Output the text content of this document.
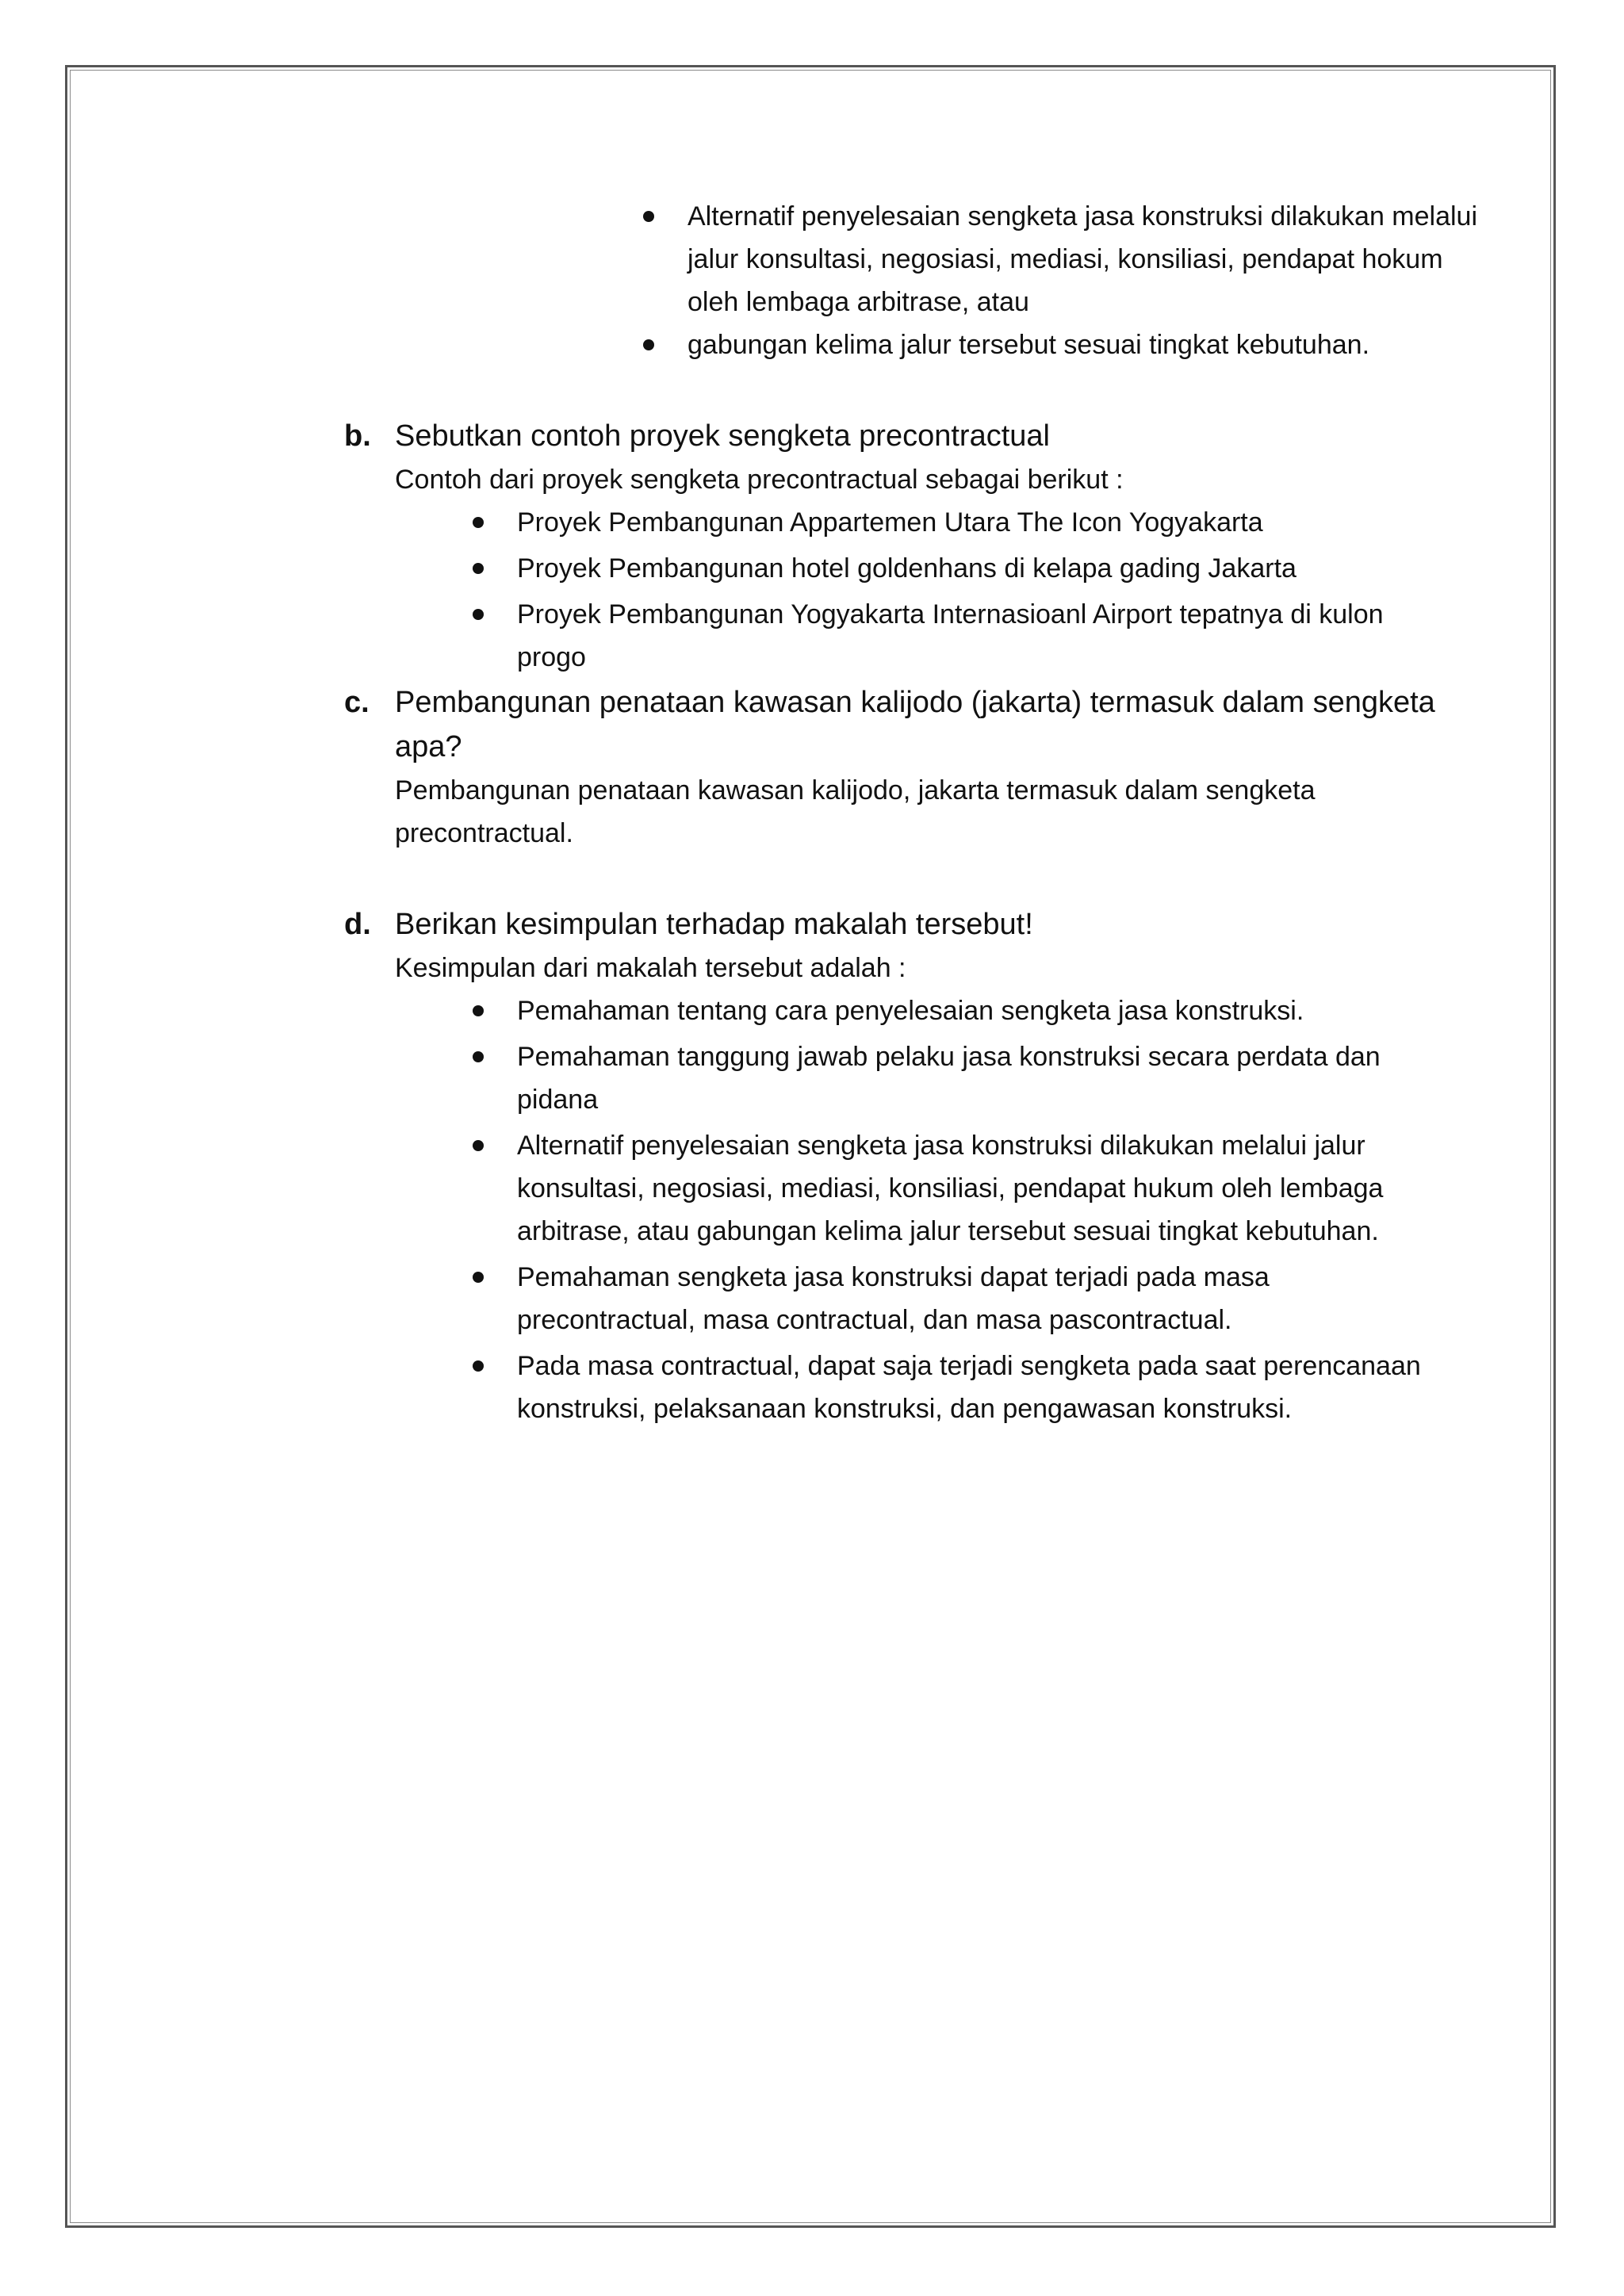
Alternatif penyelesaian sengketa jasa konstruksi dilakukan melalui jalur konsultasi, negosiasi, mediasi, konsiliasi, pendapat hokum oleh lembaga arbitrase, atau
gabungan kelima jalur tersebut sesuai tingkat kebutuhan.
b. Sebutkan contoh proyek sengketa precontractual
Contoh dari proyek sengketa precontractual sebagai berikut :
Proyek Pembangunan Appartemen Utara The Icon Yogyakarta
Proyek Pembangunan hotel goldenhans di kelapa gading Jakarta
Proyek Pembangunan Yogyakarta Internasioanl Airport tepatnya di kulon progo
c. Pembangunan penataan kawasan kalijodo (jakarta) termasuk dalam sengketa apa?
Pembangunan penataan kawasan kalijodo, jakarta termasuk dalam sengketa precontractual.
d. Berikan kesimpulan terhadap makalah tersebut!
Kesimpulan dari makalah tersebut adalah :
Pemahaman tentang cara penyelesaian sengketa jasa konstruksi.
Pemahaman tanggung jawab pelaku jasa konstruksi secara perdata dan pidana
Alternatif penyelesaian sengketa jasa konstruksi dilakukan melalui jalur konsultasi, negosiasi, mediasi, konsiliasi, pendapat hukum oleh lembaga arbitrase, atau gabungan kelima jalur tersebut sesuai tingkat kebutuhan.
Pemahaman sengketa jasa konstruksi dapat terjadi pada masa precontractual, masa contractual, dan masa pascontractual.
Pada masa contractual, dapat saja terjadi sengketa pada saat perencanaan konstruksi, pelaksanaan konstruksi, dan pengawasan konstruksi.
